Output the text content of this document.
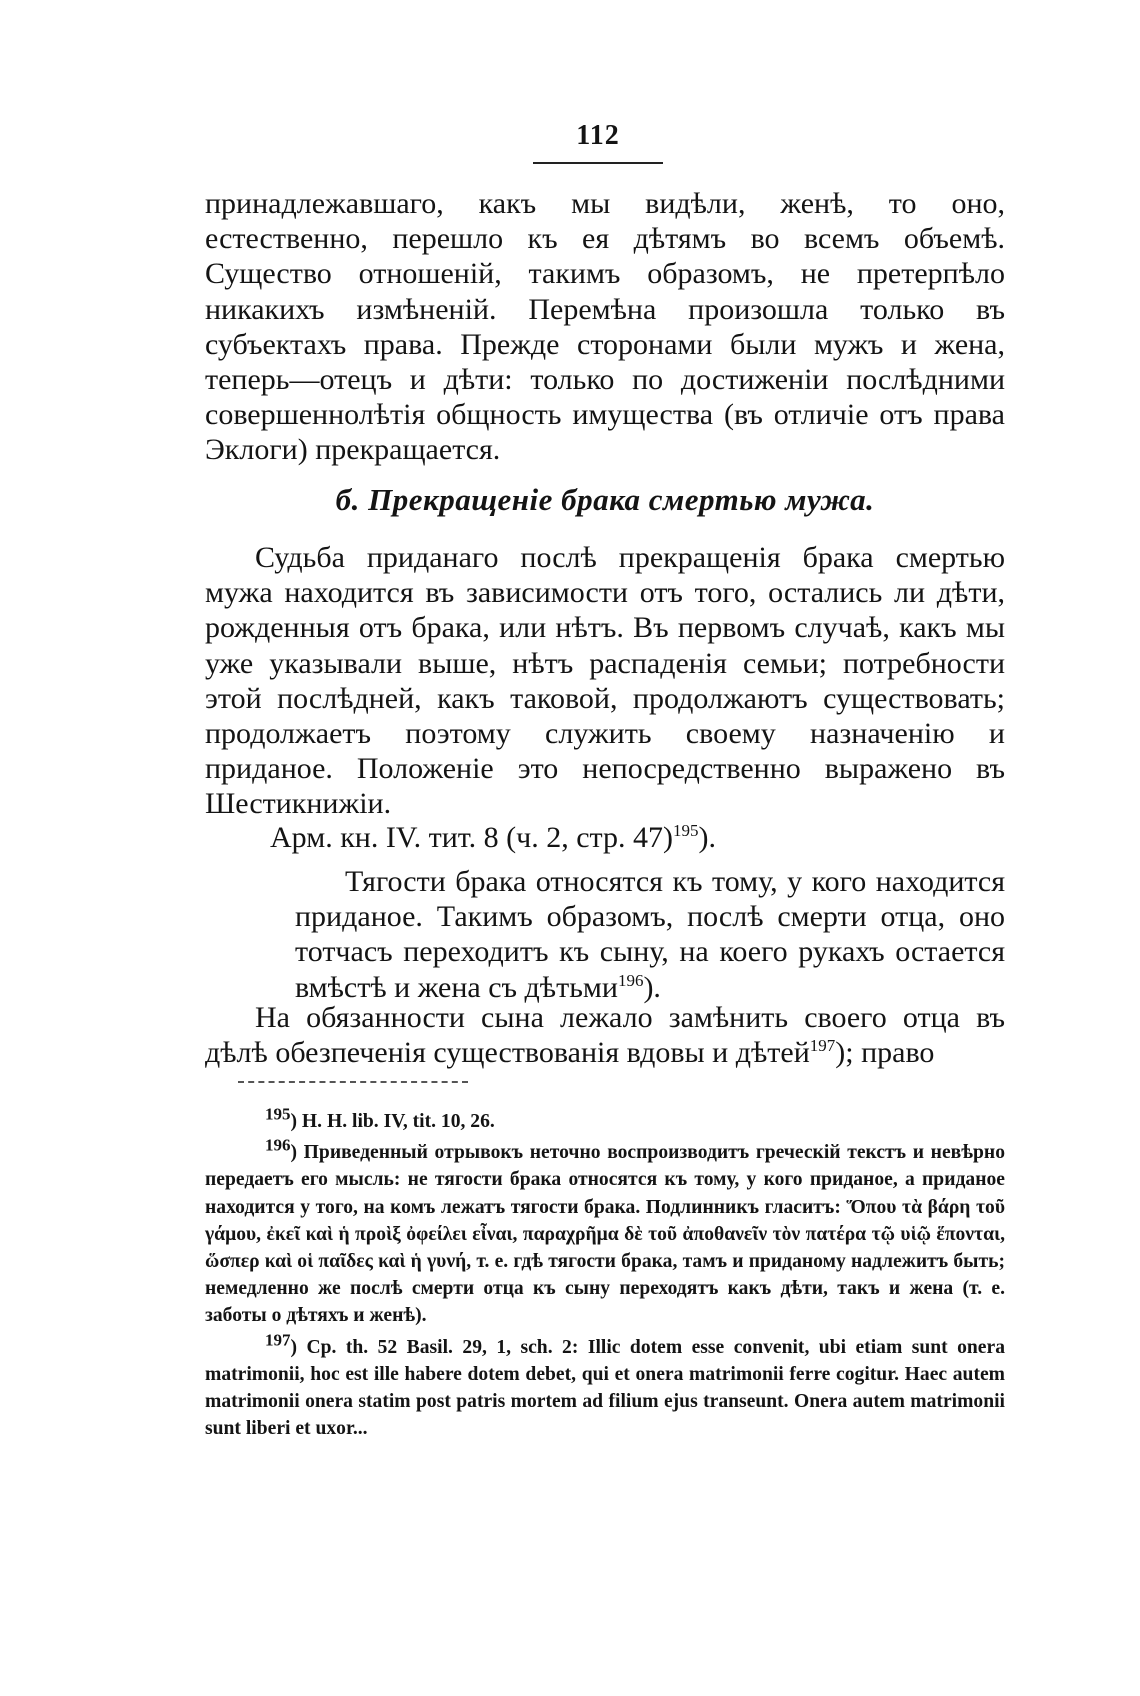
112

принадлежавшаго, какъ мы видѣли, женѣ, то оно, естественно, перешло къ ея дѣтямъ во всемъ объемѣ. Существо отношеній, такимъ образомъ, не претерпѣло никакихъ измѣненій. Перемѣна произошла только въ субъектахъ права. Прежде сторонами были мужъ и жена, теперь—отецъ и дѣти: только по достиженіи послѣдними совершеннолѣтія общность имущества (въ отличіе отъ права Эклоги) прекращается.

б. Прекращеніе брака смертью мужа.

Судьба приданаго послѣ прекращенія брака смертью мужа находится въ зависимости отъ того, остались ли дѣти, рожденныя отъ брака, или нѣтъ. Въ первомъ случаѣ, какъ мы уже указывали выше, нѣтъ распаденія семьи; потребности этой послѣдней, какъ таковой, продолжаютъ существовать; продолжаетъ поэтому служить своему назначенію и приданое. Положеніе это непосредственно выражено въ Шестикнижіи.

Арм. кн. IV. тит. 8 (ч. 2, стр. 47)$^{195}$).

Тягости брака относятся къ тому, у кого находится приданое. Такимъ образомъ, послѣ смерти отца, оно тотчасъ переходитъ къ сыну, на коего рукахъ остается вмѣстѣ и жена съ дѣтьми$^{196}$).

На обязанности сына лежало замѣнить своего отца въ дѣлѣ обезпеченія существованія вдовы и дѣтей$^{197}$); право

$^{195}$) Н. Н. lib. IV, tit. 10, 26.

$^{196}$) Приведенный отрывокъ неточно воспроизводитъ греческій текстъ и невѣрно передаетъ его мысль: не тягости брака относятся къ тому, у кого приданое, а приданое находится у того, на комъ лежатъ тягости брака. Подлинникъ гласитъ: Ὅπου τὰ βάρη τοῦ γάμου, ἐκεῖ καὶ ἡ προὶξ ὀφείλει εἶναι, παραχρῆμα δὲ τοῦ ἀποθανεῖν τὸν πατέρα τῷ υἱῷ ἕπονται, ὥσπερ καὶ οἱ παῖδες καὶ ἡ γυνή, т. е. гдѣ тягости брака, тамъ и приданому надлежитъ быть; немедленно же послѣ смерти отца къ сыну переходятъ какъ дѣти, такъ и жена (т. е. заботы о дѣтяхъ и женѣ).

$^{197}$) Cp. th. 52 Basil. 29, 1, sch. 2: Illic dotem esse convenit, ubi etiam sunt onera matrimonii, hoc est ille habere dotem debet, qui et onera matrimonii ferre cogitur. Haec autem matrimonii onera statim post patris mortem ad filium ejus transeunt. Onera autem matrimonii sunt liberi et uxor...
